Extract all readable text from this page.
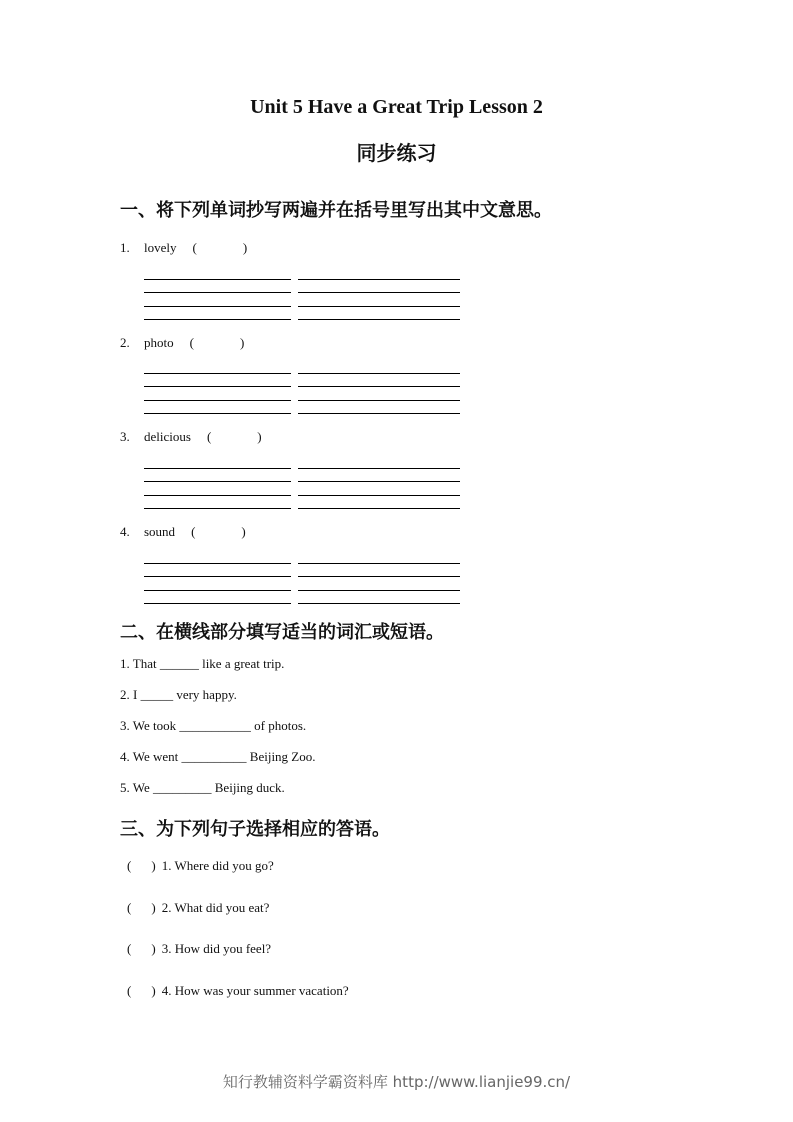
Unit 5 Have a Great Trip Lesson 2
同步练习
一、将下列单词抄写两遍并在括号里写出其中文意思。
1. lovely (	)
2. photo (	)
3. delicious (	)
4. sound (	)
二、在横线部分填写适当的词汇或短语。
1. That ______ like a great trip.
2. I _____ very happy.
3. We took ___________ of photos.
4. We went __________ Beijing Zoo.
5. We _________ Beijing duck.
三、为下列句子选择相应的答语。
( ) 1. Where did you go?
( ) 2. What did you eat?
( ) 3. How did you feel?
( ) 4. How was your summer vacation?
知行教辅资料学霸资料库 http://www.lianjie99.cn/
